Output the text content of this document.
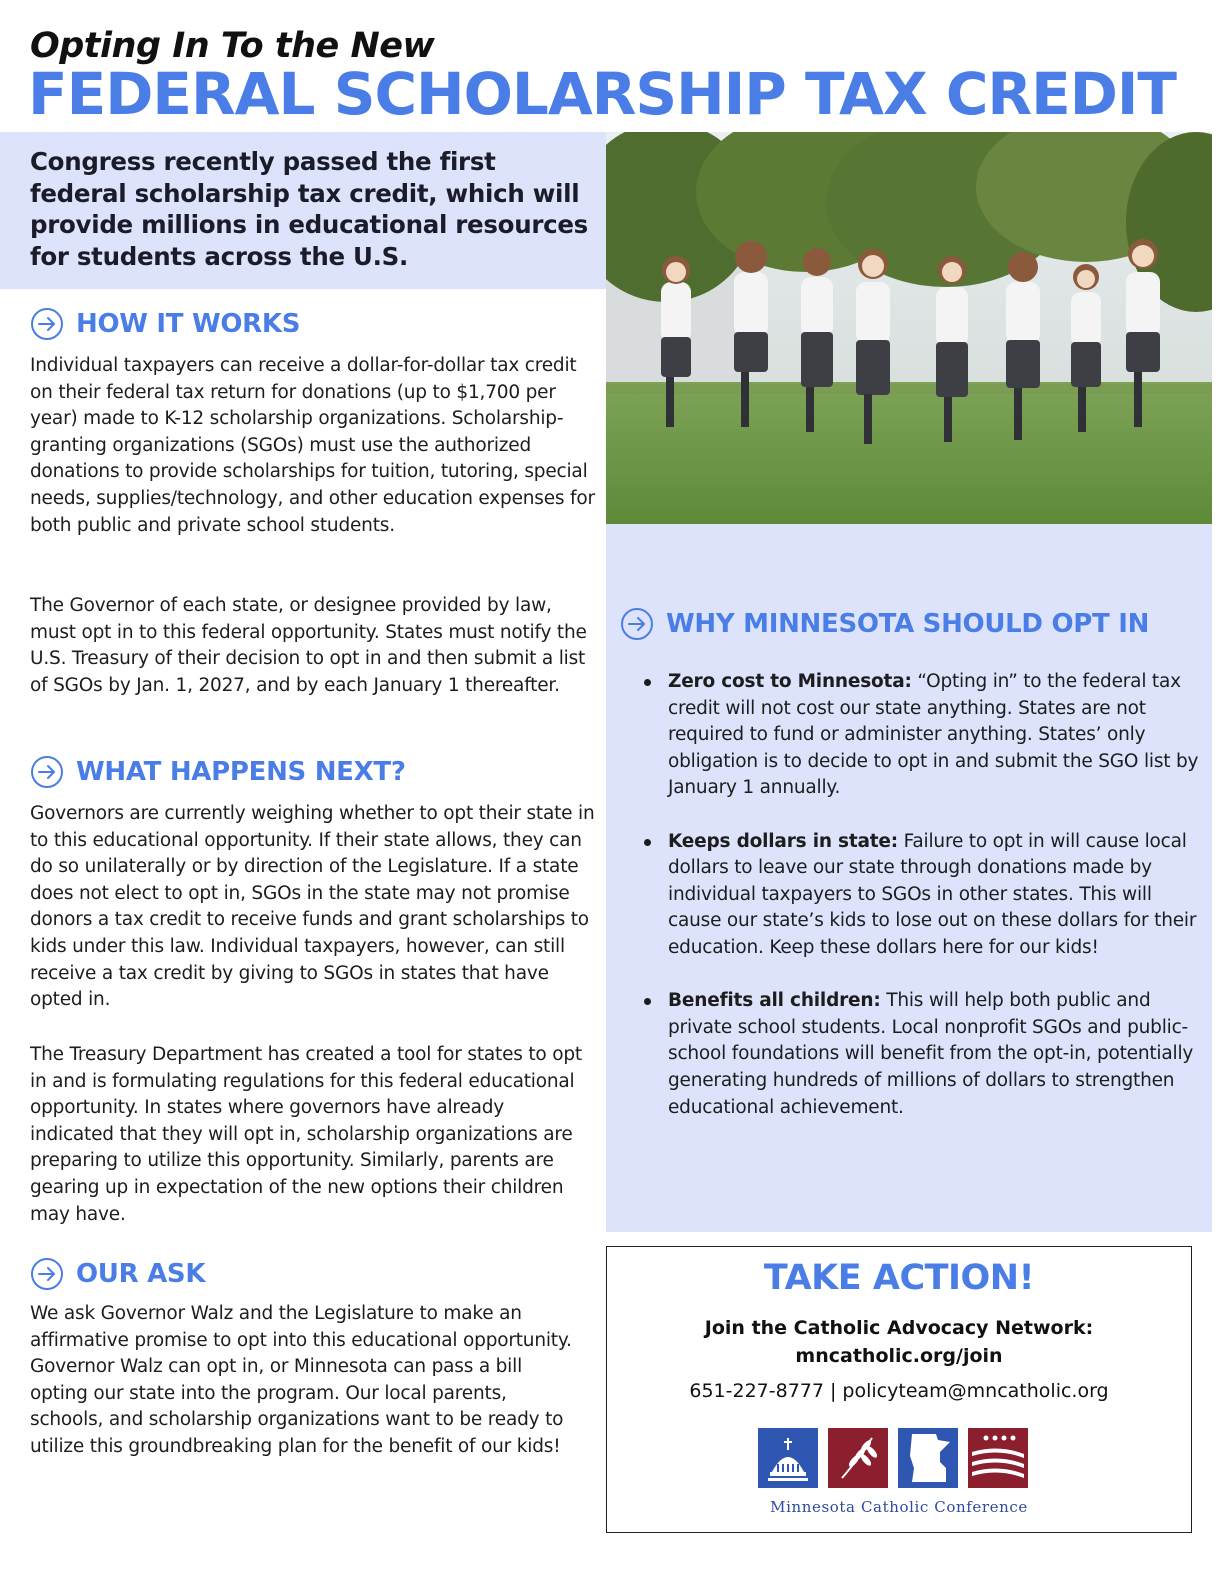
Opting In To the New
FEDERAL SCHOLARSHIP TAX CREDIT
Congress recently passed the first federal scholarship tax credit, which will provide millions in educational resources for students across the U.S.
HOW IT WORKS
Individual taxpayers can receive a dollar-for-dollar tax credit on their federal tax return for donations (up to $1,700 per year) made to K-12 scholarship organizations. Scholarship-granting organizations (SGOs) must use the authorized donations to provide scholarships for tuition, tutoring, special needs, supplies/technology, and other education expenses for both public and private school students.
The Governor of each state, or designee provided by law, must opt in to this federal opportunity. States must notify the U.S. Treasury of their decision to opt in and then submit a list of SGOs by Jan. 1, 2027, and by each January 1 thereafter.
WHAT HAPPENS NEXT?
Governors are currently weighing whether to opt their state in to this educational opportunity. If their state allows, they can do so unilaterally or by direction of the Legislature. If a state does not elect to opt in, SGOs in the state may not promise donors a tax credit to receive funds and grant scholarships to kids under this law. Individual taxpayers, however, can still receive a tax credit by giving to SGOs in states that have opted in.
The Treasury Department has created a tool for states to opt in and is formulating regulations for this federal educational opportunity. In states where governors have already indicated that they will opt in, scholarship organizations are preparing to utilize this opportunity. Similarly, parents are gearing up in expectation of the new options their children may have.
OUR ASK
We ask Governor Walz and the Legislature to make an affirmative promise to opt into this educational opportunity. Governor Walz can opt in, or Minnesota can pass a bill opting our state into the program. Our local parents, schools, and scholarship organizations want to be ready to utilize this groundbreaking plan for the benefit of our kids!
WHY MINNESOTA SHOULD OPT IN
Zero cost to Minnesota: “Opting in” to the federal tax credit will not cost our state anything. States are not required to fund or administer anything. States’ only obligation is to decide to opt in and submit the SGO list by January 1 annually.
Keeps dollars in state: Failure to opt in will cause local dollars to leave our state through donations made by individual taxpayers to SGOs in other states. This will cause our state’s kids to lose out on these dollars for their education. Keep these dollars here for our kids!
Benefits all children: This will help both public and private school students. Local nonprofit SGOs and public-school foundations will benefit from the opt-in, potentially generating hundreds of millions of dollars to strengthen educational achievement.
TAKE ACTION!
Join the Catholic Advocacy Network:
mncatholic.org/join
651-227-8777 | policyteam@mncatholic.org
Minnesota Catholic Conference
